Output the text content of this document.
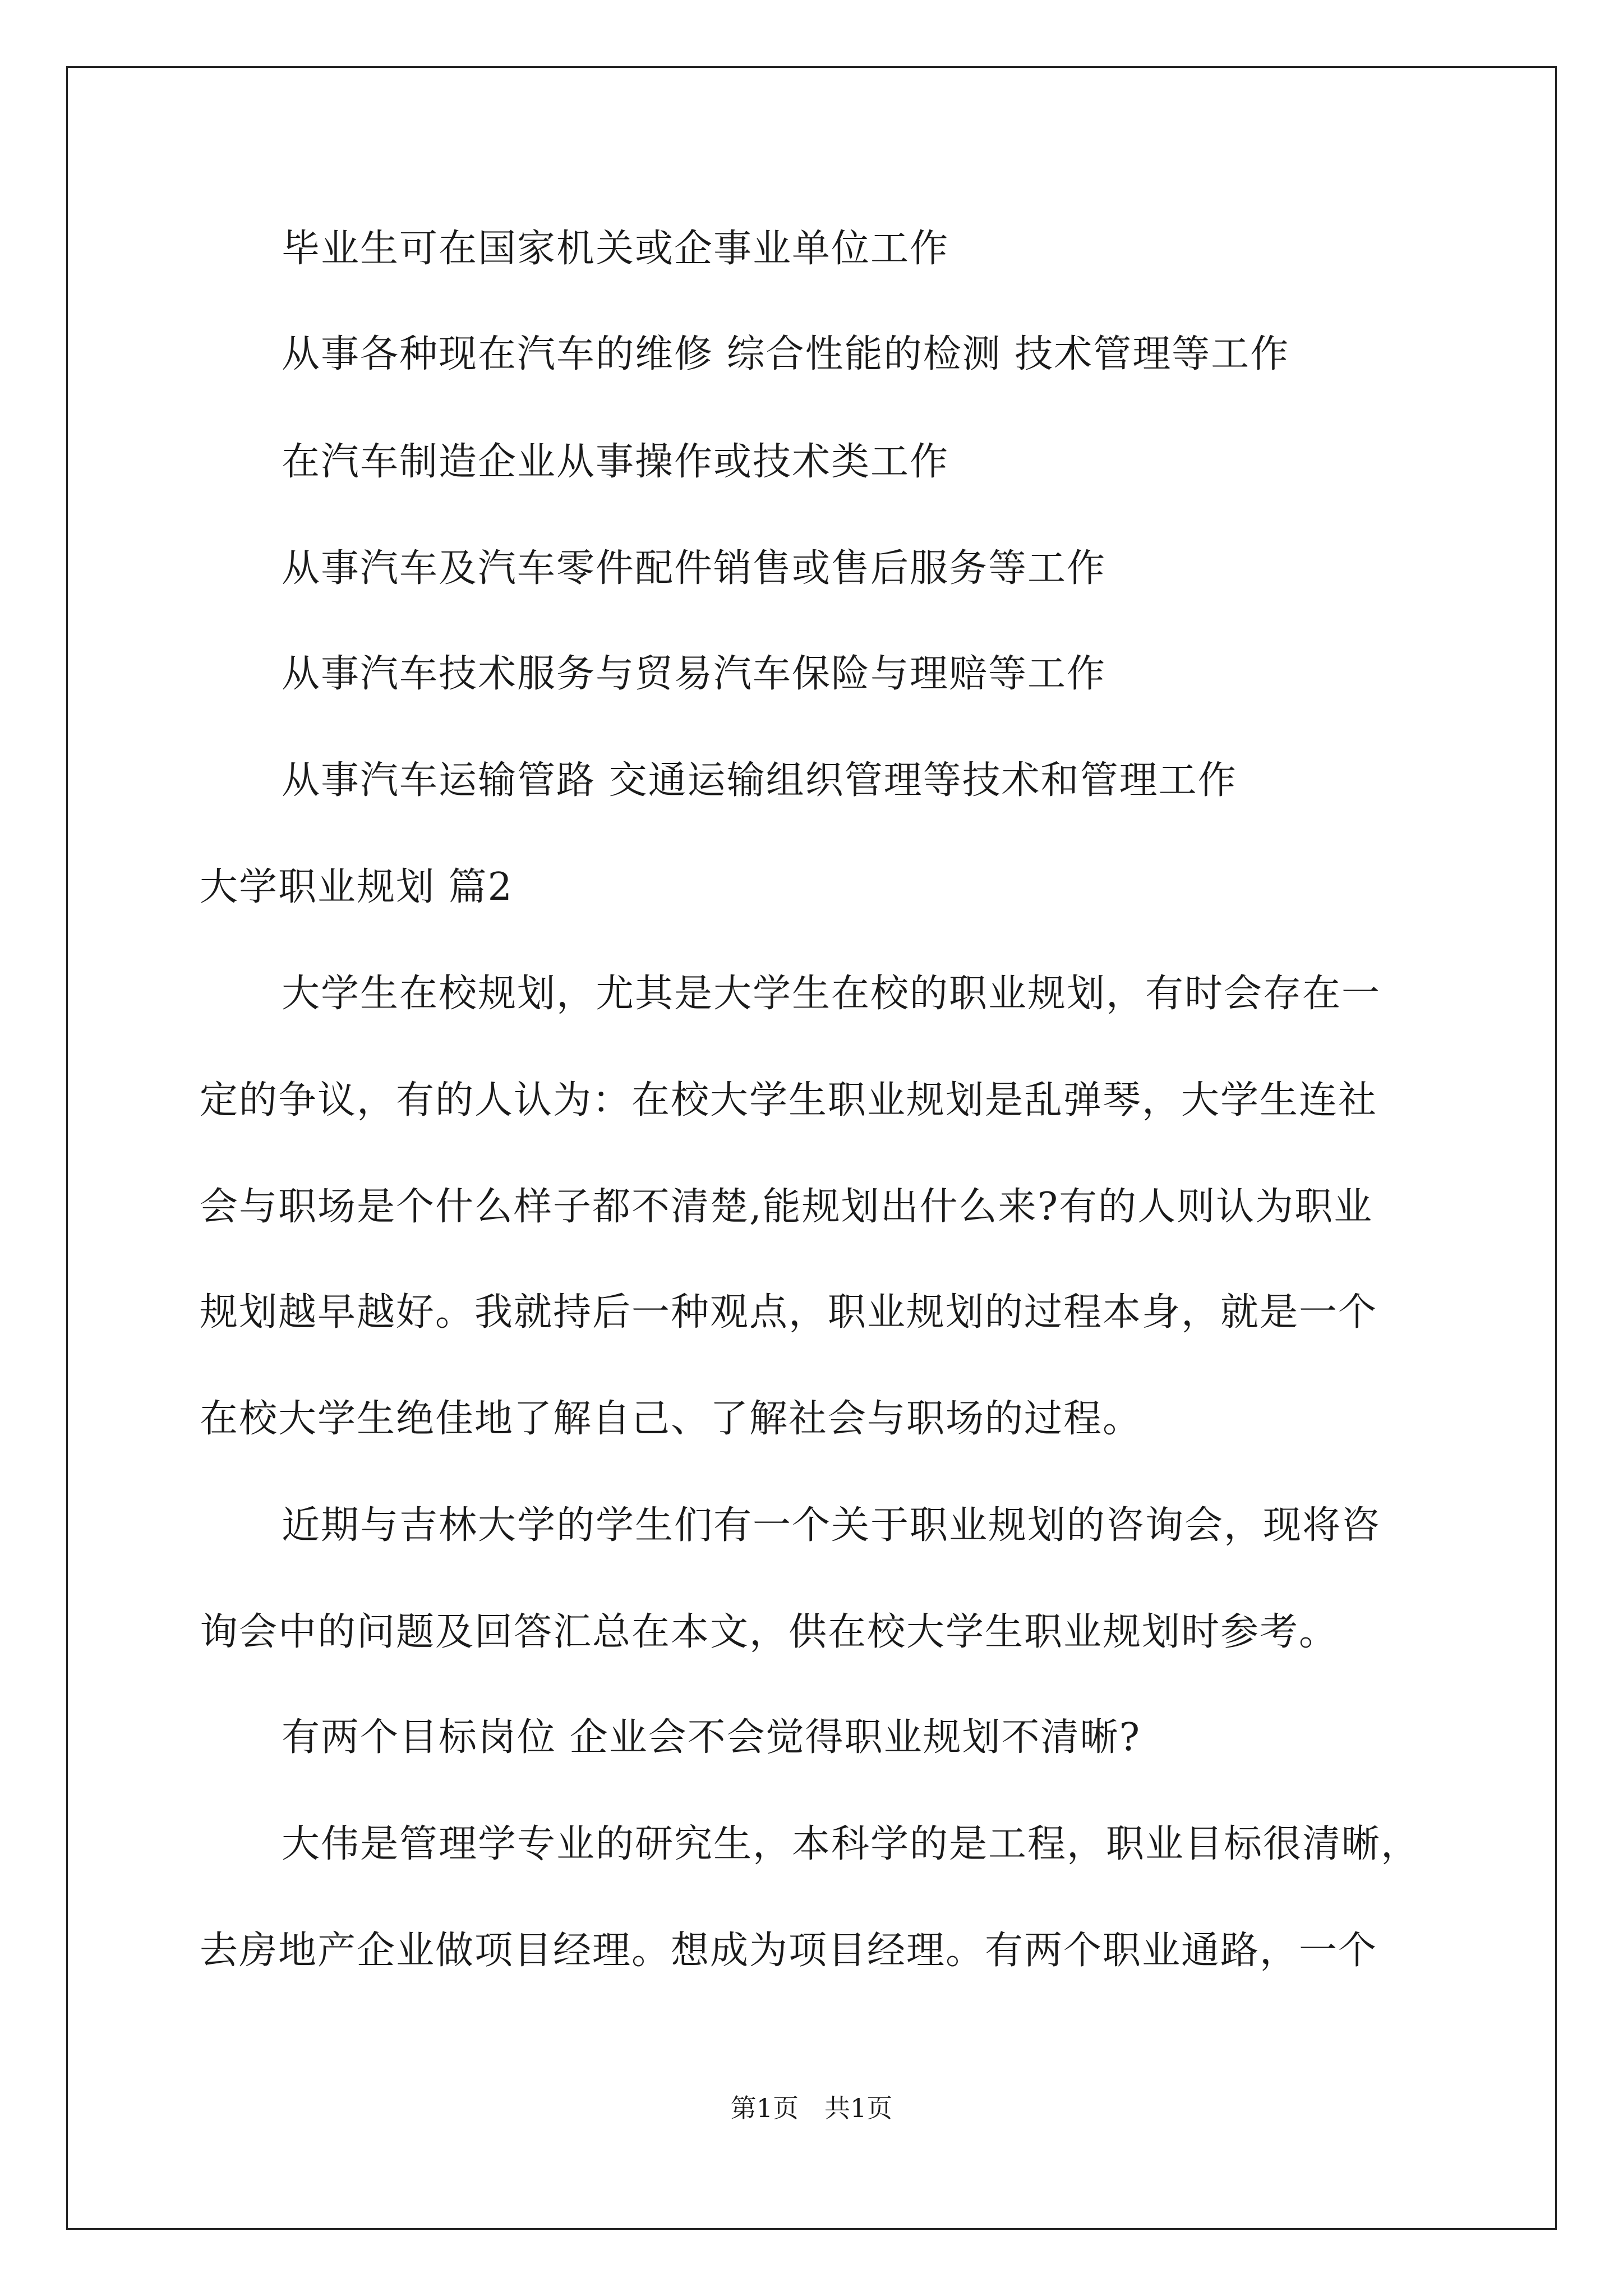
毕业生可在国家机关或企事业单位工作
从事各种现在汽车的维修 综合性能的检测 技术管理等工作
在汽车制造企业从事操作或技术类工作
从事汽车及汽车零件配件销售或售后服务等工作
从事汽车技术服务与贸易汽车保险与理赔等工作
从事汽车运输管路 交通运输组织管理等技术和管理工作
大学职业规划 篇2
大学生在校规划，尤其是大学生在校的职业规划，有时会存在一
定的争议，有的人认为：在校大学生职业规划是乱弹琴，大学生连社
会与职场是个什么样子都不清楚,能规划出什么来?有的人则认为职业
规划越早越好。我就持后一种观点，职业规划的过程本身，就是一个
在校大学生绝佳地了解自己、了解社会与职场的过程。
近期与吉林大学的学生们有一个关于职业规划的咨询会，现将咨
询会中的问题及回答汇总在本文，供在校大学生职业规划时参考。
有两个目标岗位 企业会不会觉得职业规划不清晰?
大伟是管理学专业的研究生，本科学的是工程，职业目标很清晰，
去房地产企业做项目经理。想成为项目经理。有两个职业通路，一个
第1页　共1页
